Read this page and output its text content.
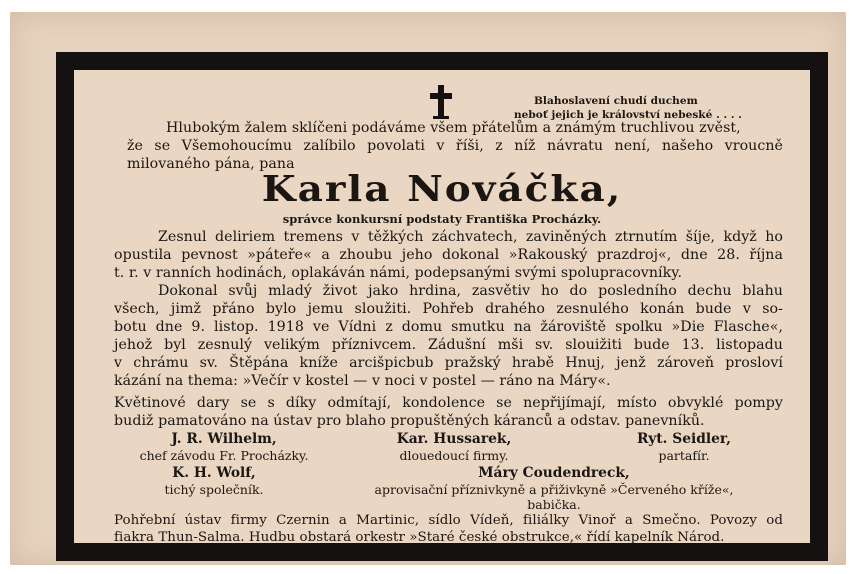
Blahoslavení chudí duchem

neboť jejich je království nebeské . . . .

Hlubokým žalem sklíčeni podáváme všem přátelům a známým truchlivou zvěst,

že se Všemohoucímu zalíbilo povolati v říši, z níž návratu není, našeho vroucně

milovaného pána, pana

Karla Nováčka,

správce konkursní podstaty Františka Procházky.

Zesnul deliriem tremens v těžkých záchvatech, zaviněných ztrnutím šíje, když ho

opustila pevnost »páteře« a zhoubu jeho dokonal »Rakouský prazdroj«, dne 28. října

t. r. v ranních hodinách, oplakáván námi, podepsanými svými spolupracovníky.

Dokonal svůj mladý život jako hrdina, zasvětiv ho do posledního dechu blahu

všech, jimž přáno bylo jemu sloužiti. Pohřeb drahého zesnulého konán bude v so-

botu dne 9. listop. 1918 ve Vídni z domu smutku na žároviště spolku »Die Flasche«,

jehož byl zesnulý velikým příznivcem. Zádušní mši sv. slouižiti bude 13. listopadu

v chrámu sv. Štěpána kníže arcišpicbub pražský hrabě Hnuj, jenž zároveň prosloví

kázání na thema: »Večír v kostel — v noci v postel — ráno na Máry«.

Květinové dary se s díky odmítají, kondolence se nepřijímají, místo obvyklé pompy

budiž pamatováno na ústav pro blaho propuštěných káranců a odstav. panevníků.

J. R. Wilhelm,
chef závodu Fr. Procházky.
Kar. Hussarek,
dlouedoucí firmy.
Ryt. Seidler,
partafír.
K. H. Wolf,
tichý společník.
Máry Coudendreck,
aprovisační příznivkyně a přiživkyně »Červeného kříže«,
babička.

Pohřební ústav firmy Czernin a Martinic, sídlo Vídeň, filiálky Vinoř a Smečno. Povozy od

fiakra Thun-Salma. Hudbu obstará orkestr »Staré české obstrukce,« řídí kapelník Národ.
